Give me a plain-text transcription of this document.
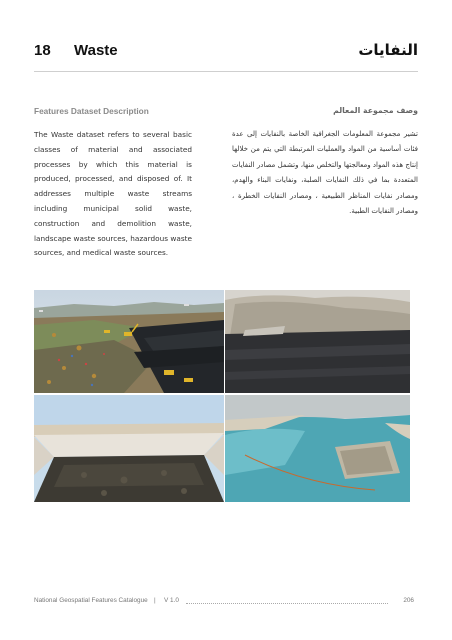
18 Waste	النفايات
Features Dataset Description

The Waste dataset refers to several basic classes of material and associated processes by which this material is produced, processed, and disposed of. It addresses multiple waste streams including municipal solid waste, construction and demolition waste, landscape waste sources, hazardous waste sources, and medical waste sources.

وصف مجموعة المعالم

تشير مجموعة المعلومات الجغرافية الخاصة بالنفايات إلى عدة فئات أساسية من المواد والعمليات المرتبطة التي يتم من خلالها إنتاج هذه المواد ومعالجتها والتخلص منها، وتشمل مصادر النفايات المتعددة بما في ذلك النفايات الصلبة، ونفايات البناء والهدم، ومصادر نفايات المناظر الطبيعية ، ومصادر النفايات الخطرة ، ومصادر النفايات الطبية.

National Geospatial Features Catalogue | V 1.0	206
